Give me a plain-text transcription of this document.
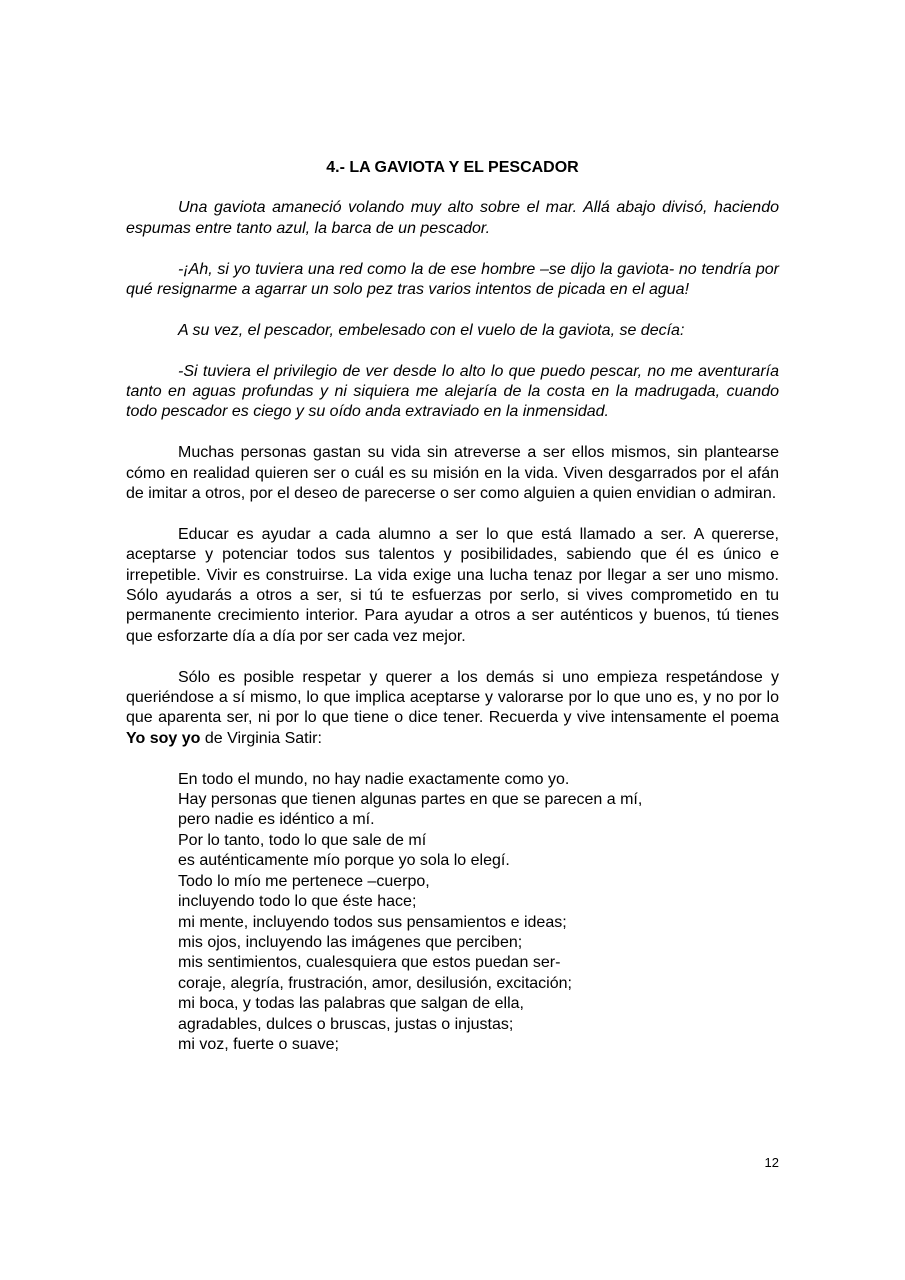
4.- LA GAVIOTA Y EL PESCADOR

Una gaviota amaneció volando muy alto sobre el mar. Allá abajo divisó, haciendo espumas entre tanto azul, la barca de un pescador.

-¡Ah, si yo tuviera una red como la de ese hombre –se dijo la gaviota- no tendría por qué resignarme a agarrar un solo pez tras varios intentos de picada en el agua!

A su vez, el pescador, embelesado con el vuelo de la gaviota, se decía:

-Si tuviera el privilegio de ver desde lo alto lo que puedo pescar, no me aventuraría tanto en aguas profundas y ni siquiera me alejaría de la costa en la madrugada, cuando todo pescador es ciego y su oído anda extraviado en la inmensidad.

Muchas personas gastan su vida sin atreverse a ser ellos mismos, sin plantearse cómo en realidad quieren ser o cuál es su misión en la vida. Viven desgarrados por el afán de imitar a otros, por el deseo de parecerse o ser como alguien a quien envidian o admiran.

Educar es ayudar a cada alumno a ser lo que está llamado a ser. A quererse, aceptarse y potenciar todos sus talentos y posibilidades, sabiendo que él es único e irrepetible. Vivir es construirse. La vida exige una lucha tenaz por llegar a ser uno mismo. Sólo ayudarás a otros a ser, si tú te esfuerzas por serlo, si vives comprometido en tu permanente crecimiento interior. Para ayudar a otros a ser auténticos y buenos, tú tienes que esforzarte día a día por ser cada vez mejor.

Sólo es posible respetar y querer a los demás si uno empieza respetándose y queriéndose a sí mismo, lo que implica aceptarse y valorarse por lo que uno es, y no por lo que aparenta ser, ni por lo que tiene o dice tener. Recuerda y vive intensamente el poema Yo soy yo de Virginia Satir:

En todo el mundo, no hay nadie exactamente como yo.
Hay personas que tienen algunas partes en que se parecen a mí,
pero nadie es idéntico a mí.
Por lo tanto, todo lo que sale de mí
es auténticamente mío porque yo sola lo elegí.
Todo lo mío me pertenece –cuerpo,
incluyendo todo lo que éste hace;
mi mente, incluyendo todos sus pensamientos e ideas;
mis ojos, incluyendo las imágenes que perciben;
mis sentimientos, cualesquiera que estos puedan ser-
coraje, alegría, frustración, amor, desilusión, excitación;
mi boca, y todas las palabras que salgan de ella,
agradables, dulces o bruscas, justas o injustas;
mi voz, fuerte o suave;
12
